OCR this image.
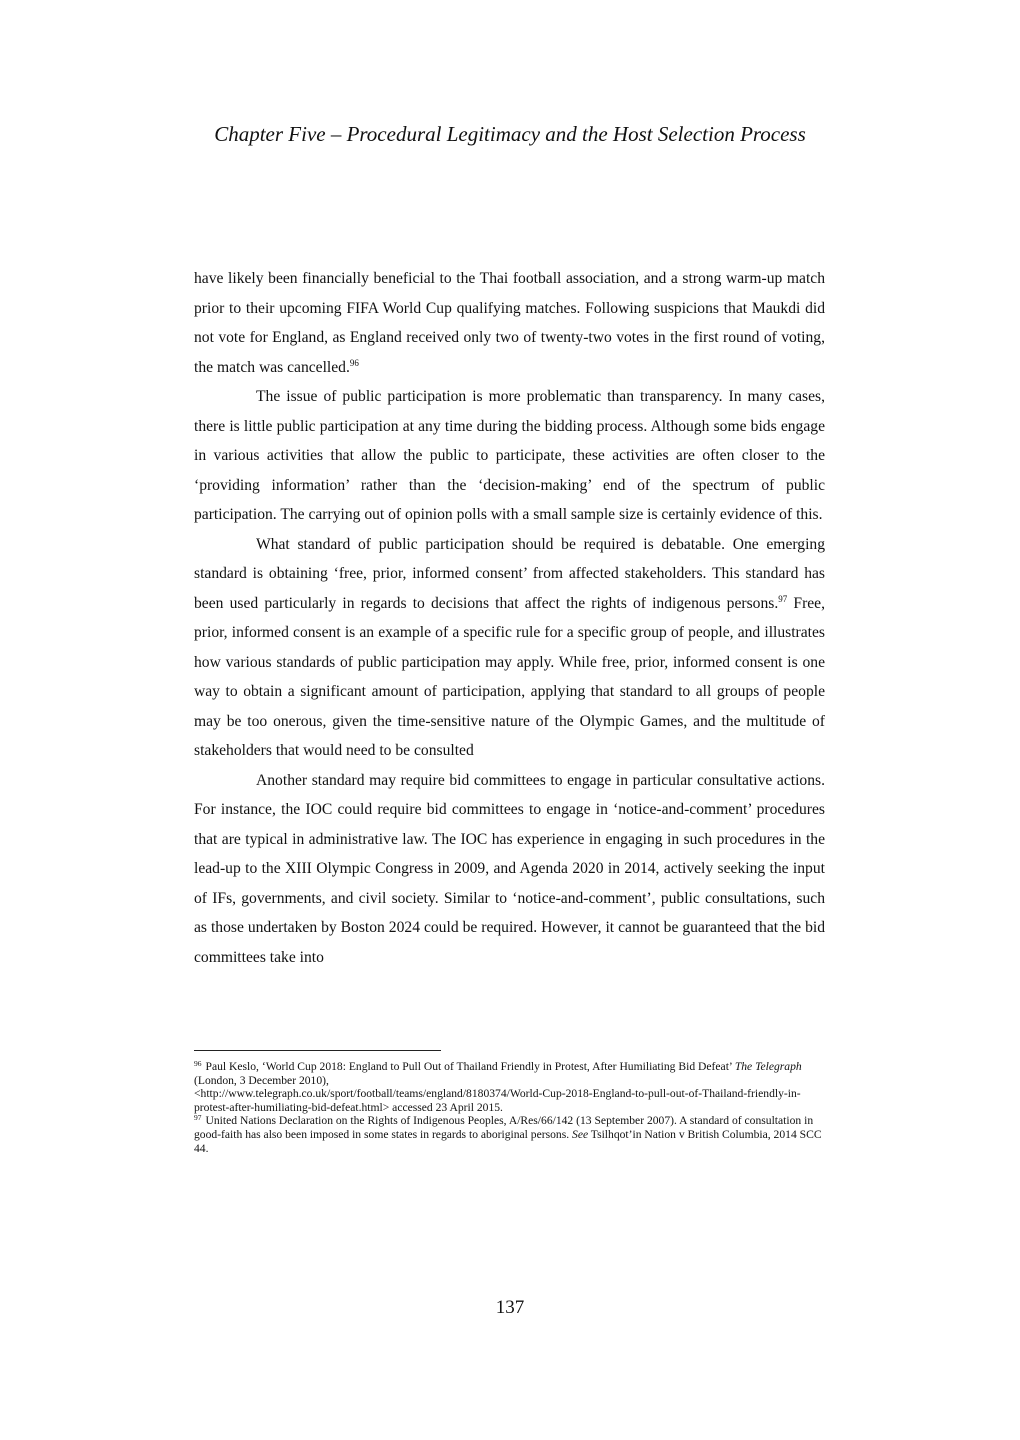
Chapter Five – Procedural Legitimacy and the Host Selection Process

have likely been financially beneficial to the Thai football association, and a strong warm-up match prior to their upcoming FIFA World Cup qualifying matches. Following suspicions that Maukdi did not vote for England, as England received only two of twenty-two votes in the first round of voting, the match was cancelled.$^{96}$

The issue of public participation is more problematic than transparency. In many cases, there is little public participation at any time during the bidding process. Although some bids engage in various activities that allow the public to participate, these activities are often closer to the ‘providing information’ rather than the ‘decision-making’ end of the spectrum of public participation. The carrying out of opinion polls with a small sample size is certainly evidence of this.

What standard of public participation should be required is debatable. One emerging standard is obtaining ‘free, prior, informed consent’ from affected stakeholders. This standard has been used particularly in regards to decisions that affect the rights of indigenous persons.$^{97}$ Free, prior, informed consent is an example of a specific rule for a specific group of people, and illustrates how various standards of public participation may apply. While free, prior, informed consent is one way to obtain a significant amount of participation, applying that standard to all groups of people may be too onerous, given the time-sensitive nature of the Olympic Games, and the multitude of stakeholders that would need to be consulted

Another standard may require bid committees to engage in particular consultative actions. For instance, the IOC could require bid committees to engage in ‘notice-and-comment’ procedures that are typical in administrative law. The IOC has experience in engaging in such procedures in the lead-up to the XIII Olympic Congress in 2009, and Agenda 2020 in 2014, actively seeking the input of IFs, governments, and civil society. Similar to ‘notice-and-comment’, public consultations, such as those undertaken by Boston 2024 could be required. However, it cannot be guaranteed that the bid committees take into

$^{96}$ Paul Keslo, ‘World Cup 2018: England to Pull Out of Thailand Friendly in Protest, After Humiliating Bid Defeat’ The Telegraph (London, 3 December 2010),
<http://www.telegraph.co.uk/sport/football/teams/england/8180374/World-Cup-2018-England-to-pull-out-of-Thailand-friendly-in-protest-after-humiliating-bid-defeat.html> accessed 23 April 2015.

$^{97}$ United Nations Declaration on the Rights of Indigenous Peoples, A/Res/66/142 (13 September 2007). A standard of consultation in good-faith has also been imposed in some states in regards to aboriginal persons. See Tsilhqot’in Nation v British Columbia, 2014 SCC 44.

137
